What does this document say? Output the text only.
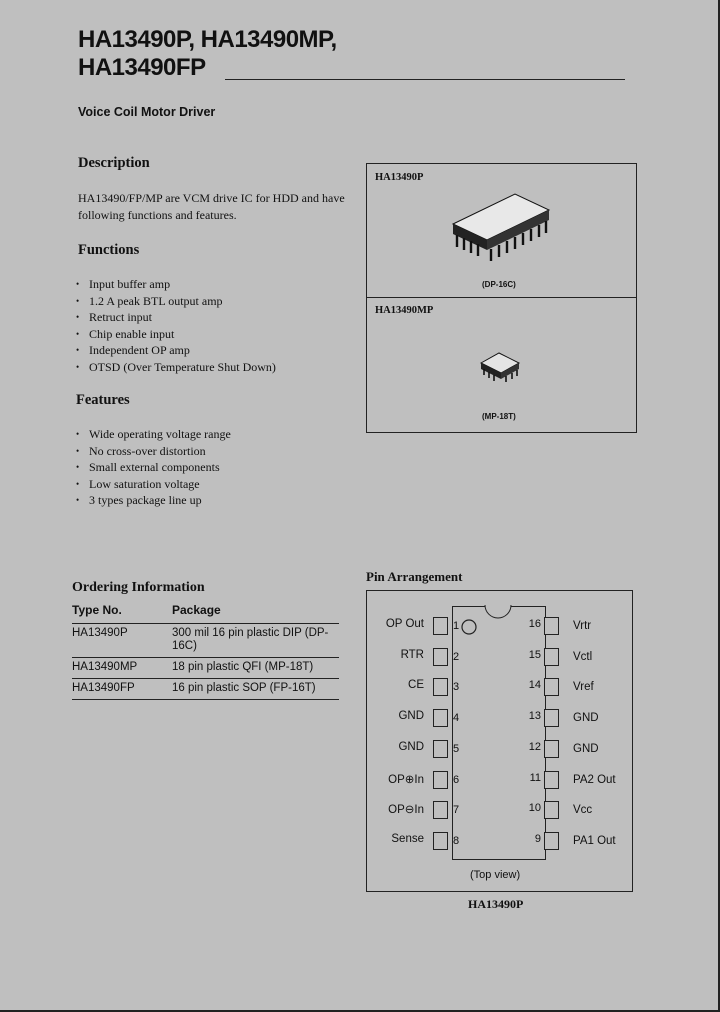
HA13490P, HA13490MP,
HA13490FP
Voice Coil Motor Driver
Description
HA13490/FP/MP are VCM drive IC for HDD and have following functions and features.
Functions
• Input buffer amp
• 1.2 A peak BTL output amp
• Retruct input
• Chip enable input
• Independent OP amp
• OTSD (Over Temperature Shut Down)
Features
• Wide operating voltage range
• No cross-over distortion
• Small external components
• Low saturation voltage
• 3 types package line up
HA13490P
(DP-16C)
HA13490MP
(MP-18T)
Ordering Information
Type No.	Package
HA13490P	300 mil 16 pin plastic DIP (DP-16C)
HA13490MP	18 pin plastic QFI (MP-18T)
HA13490FP	16 pin plastic SOP (FP-16T)
Pin Arrangement
OP Out
RTR
CE
GND
GND
OP⊕In
OP⊖In
Sense
1
2
3
4
5
6
7
8
16
15
14
13
12
11
10
9
Vrtr
Vctl
Vref
GND
GND
PA2 Out
Vcc
PA1 Out
(Top view)
HA13490P
